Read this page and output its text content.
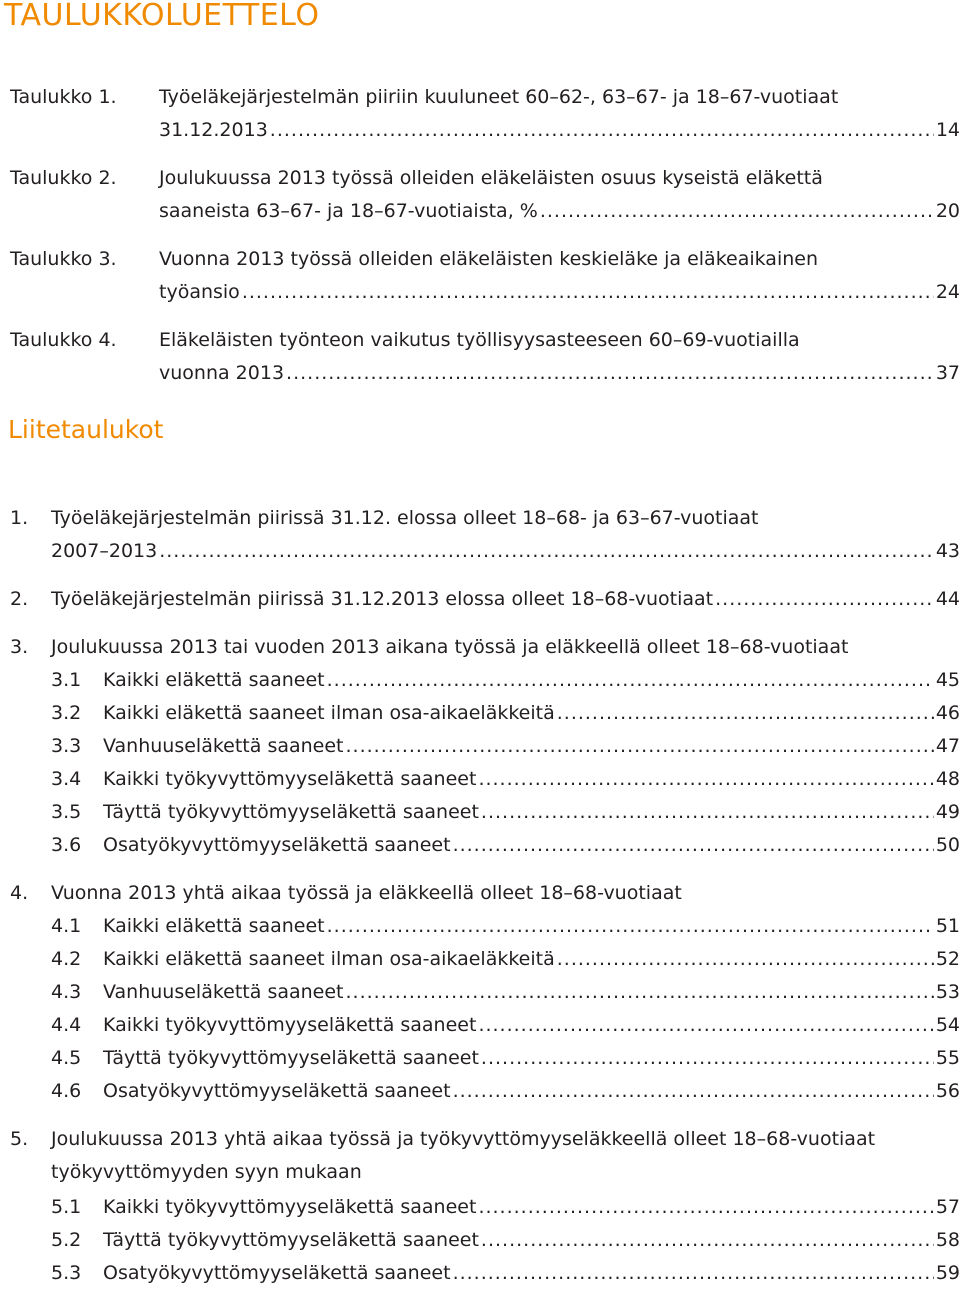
TAULUKKOLUETTELO
Taulukko 1. Työeläkejärjestelmän piiriin kuuluneet 60–62-, 63–67- ja 18–67-vuotiaat
31.12.2013 .....	14
Taulukko 2. Joulukuussa 2013 työssä olleiden eläkeläisten osuus kyseistä eläkettä
saaneista 63–67- ja 18–67-vuotiaista, % .....	20
Taulukko 3. Vuonna 2013 työssä olleiden eläkeläisten keskieläke ja eläkeaikainen
työansio .....	24
Taulukko 4. Eläkeläisten työnteon vaikutus työllisyysasteeseen 60–69-vuotiailla
vuonna 2013 .....	37
Liitetaulukot
1. Työeläkejärjestelmän piirissä 31.12. elossa olleet 18–68- ja 63–67-vuotiaat
2007–2013 .....	43
2.	Työeläkejärjestelmän piirissä 31.12.2013 elossa olleet 18–68-vuotiaat .....	44
3. Joulukuussa 2013 tai vuoden 2013 aikana työssä ja eläkkeellä olleet 18–68-vuotiaat
3.1	Kaikki eläkettä saaneet .....	45
3.2	Kaikki eläkettä saaneet ilman osa-aikaeläkkeitä .....	46
3.3	Vanhuuseläkettä saaneet .....	47
3.4	Kaikki työkyvyttömyyseläkettä saaneet .....	48
3.5	Täyttä työkyvyttömyyseläkettä saaneet .....	49
3.6	Osatyökyvyttömyyseläkettä saaneet .....	50
4. Vuonna 2013 yhtä aikaa työssä ja eläkkeellä olleet 18–68-vuotiaat
4.1	Kaikki eläkettä saaneet .....	51
4.2	Kaikki eläkettä saaneet ilman osa-aikaeläkkeitä .....	52
4.3	Vanhuuseläkettä saaneet .....	53
4.4	Kaikki työkyvyttömyyseläkettä saaneet .....	54
4.5	Täyttä työkyvyttömyyseläkettä saaneet .....	55
4.6	Osatyökyvyttömyyseläkettä saaneet .....	56
5. Joulukuussa 2013 yhtä aikaa työssä ja työkyvyttömyyseläkkeellä olleet 18–68-vuotiaat
työkyvyttömyyden syyn mukaan
5.1	Kaikki työkyvyttömyyseläkettä saaneet .....	57
5.2	Täyttä työkyvyttömyyseläkettä saaneet .....	58
5.3	Osatyökyvyttömyyseläkettä saaneet .....	59
